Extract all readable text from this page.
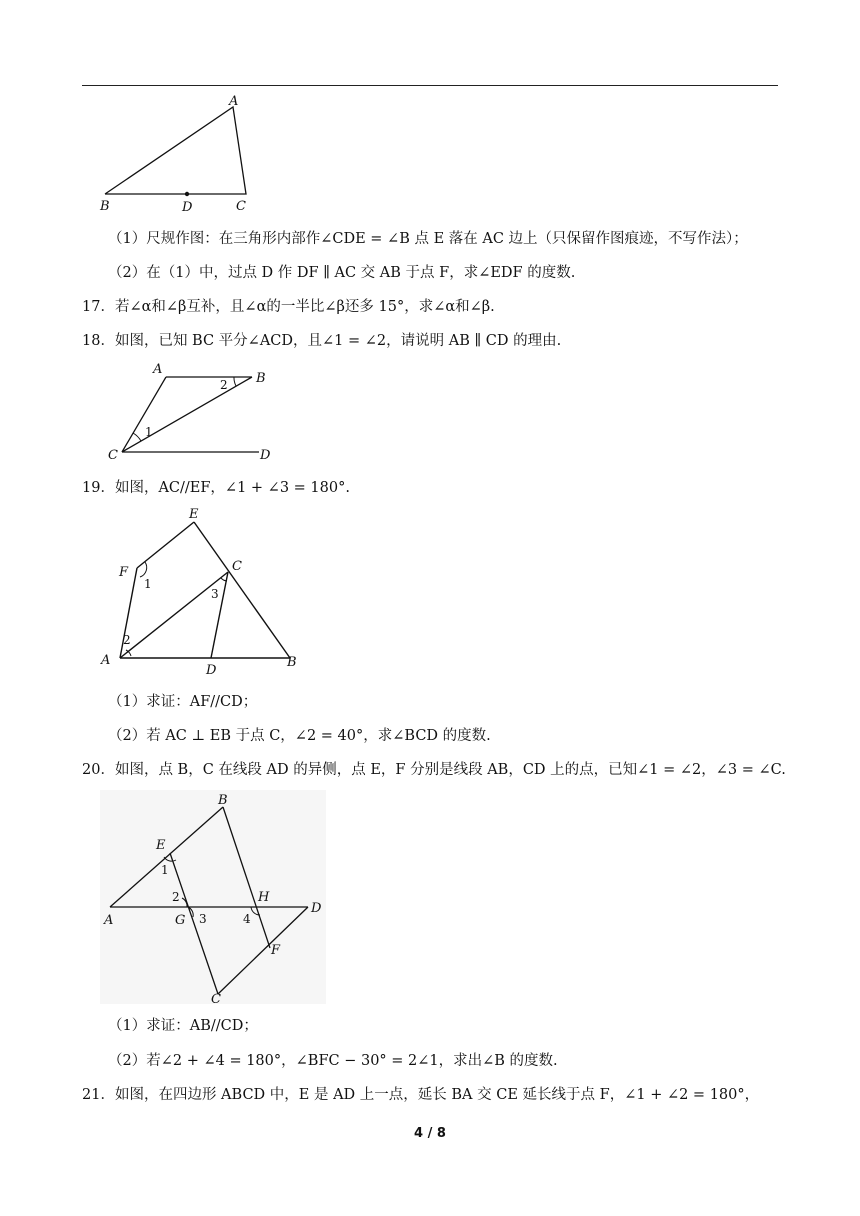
A
B	D	C
（1）尺规作图：在三角形内部作∠CDE = ∠B 点 E 落在 AC 边上（只保留作图痕迹，不写作法）；
（2）在（1）中，过点 D 作 DF ∥ AC 交 AB 于点 F，求∠EDF 的度数.
17．若∠α和∠β互补，且∠α的一半比∠β还多 15°，求∠α和∠β.
18．如图，已知 BC 平分∠ACD，且∠1 = ∠2，请说明 AB ∥ CD 的理由.
A
B
C	D
2
1
19．如图，AC//EF，∠1 + ∠3 = 180°.
E
F	C
A
D
B
1
2
3
（1）求证：AF//CD；
（2）若 AC ⊥ EB 于点 C，∠2 = 40°，求∠BCD 的度数.
20．如图，点 B，C 在线段 AD 的异侧，点 E，F 分别是线段 AB，CD 上的点，已知∠1 = ∠2，∠3 = ∠C.
B
E
A	G
H
D
F
C
1
2
3	4
（1）求证：AB//CD；
（2）若∠2 + ∠4 = 180°，∠BFC − 30° = 2∠1，求出∠B 的度数.
21．如图，在四边形 ABCD 中，E 是 AD 上一点，延长 BA 交 CE 延长线于点 F，∠1 + ∠2 = 180°，
4 / 8
